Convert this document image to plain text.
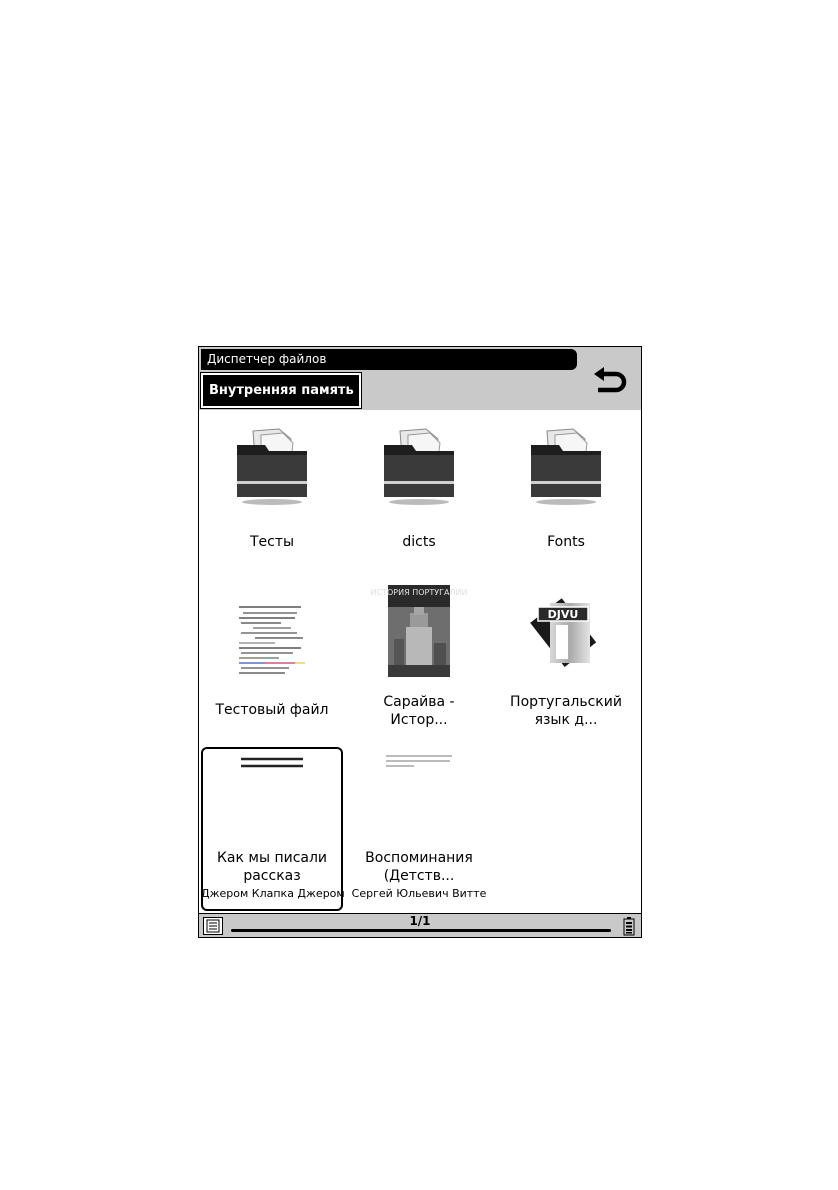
Диспетчер файлов
Внутренняя память
Тесты	dicts	Fonts
Тестовый файл
ИСТОРИЯ ПОРТУГАЛИИ
Сарайва -
Истор...
DJVU
Португальский
язык д...
Как мы писали
рассказ
Джером Клапка Джером
Воспоминания
(Детств...
Сергей Юльевич Витте
1/1
